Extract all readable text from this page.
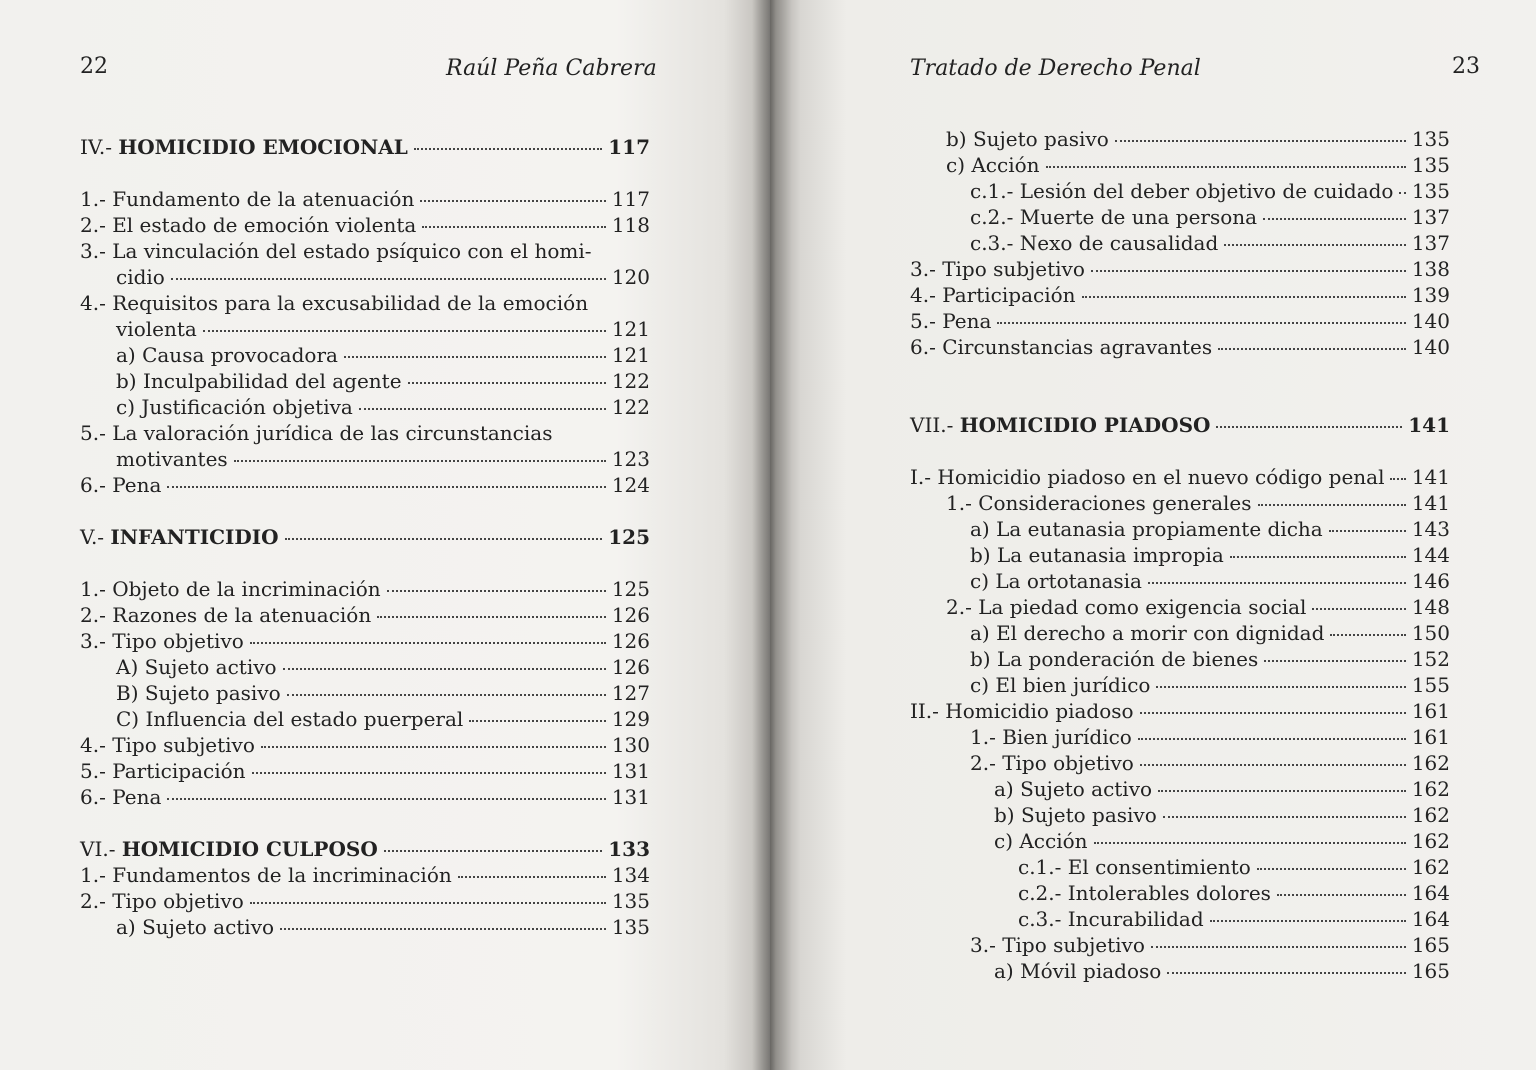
22	Raúl Peña Cabrera
IV.- HOMICIDIO EMOCIONAL	117
1.- Fundamento de la atenuación	117
2.- El estado de emoción violenta	118
3.- La vinculación del estado psíquico con el homi-
cidio	120
4.- Requisitos para la excusabilidad de la emoción
violenta	121
a) Causa provocadora	121
b) Inculpabilidad del agente	122
c) Justificación objetiva	122
5.- La valoración jurídica de las circunstancias
motivantes	123
6.- Pena	124
V.- INFANTICIDIO	125
1.- Objeto de la incriminación	125
2.- Razones de la atenuación	126
3.- Tipo objetivo	126
A) Sujeto activo	126
B) Sujeto pasivo	127
C) Influencia del estado puerperal	129
4.- Tipo subjetivo	130
5.- Participación	131
6.- Pena	131
VI.- HOMICIDIO CULPOSO	133
1.- Fundamentos de la incriminación	134
2.- Tipo objetivo	135
a) Sujeto activo	135
Tratado de Derecho Penal	23
b) Sujeto pasivo	135
c) Acción	135
c.1.- Lesión del deber objetivo de cuidado 135
c.2.- Muerte de una persona	137
c.3.- Nexo de causalidad	137
3.- Tipo subjetivo	138
4.- Participación	139
5.- Pena	140
6.- Circunstancias agravantes	140
VII.- HOMICIDIO PIADOSO	141
I.- Homicidio piadoso en el nuevo código penal 141
1.- Consideraciones generales	141
a) La eutanasia propiamente dicha	143
b) La eutanasia impropia	144
c) La ortotanasia	146
2.- La piedad como exigencia social	148
a) El derecho a morir con dignidad	150
b) La ponderación de bienes	152
c) El bien jurídico	155
II.- Homicidio piadoso	161
1.- Bien jurídico	161
2.- Tipo objetivo	162
a) Sujeto activo	162
b) Sujeto pasivo	162
c) Acción	162
c.1.- El consentimiento	162
c.2.- Intolerables dolores	164
c.3.- Incurabilidad	164
3.- Tipo subjetivo	165
a) Móvil piadoso	165
